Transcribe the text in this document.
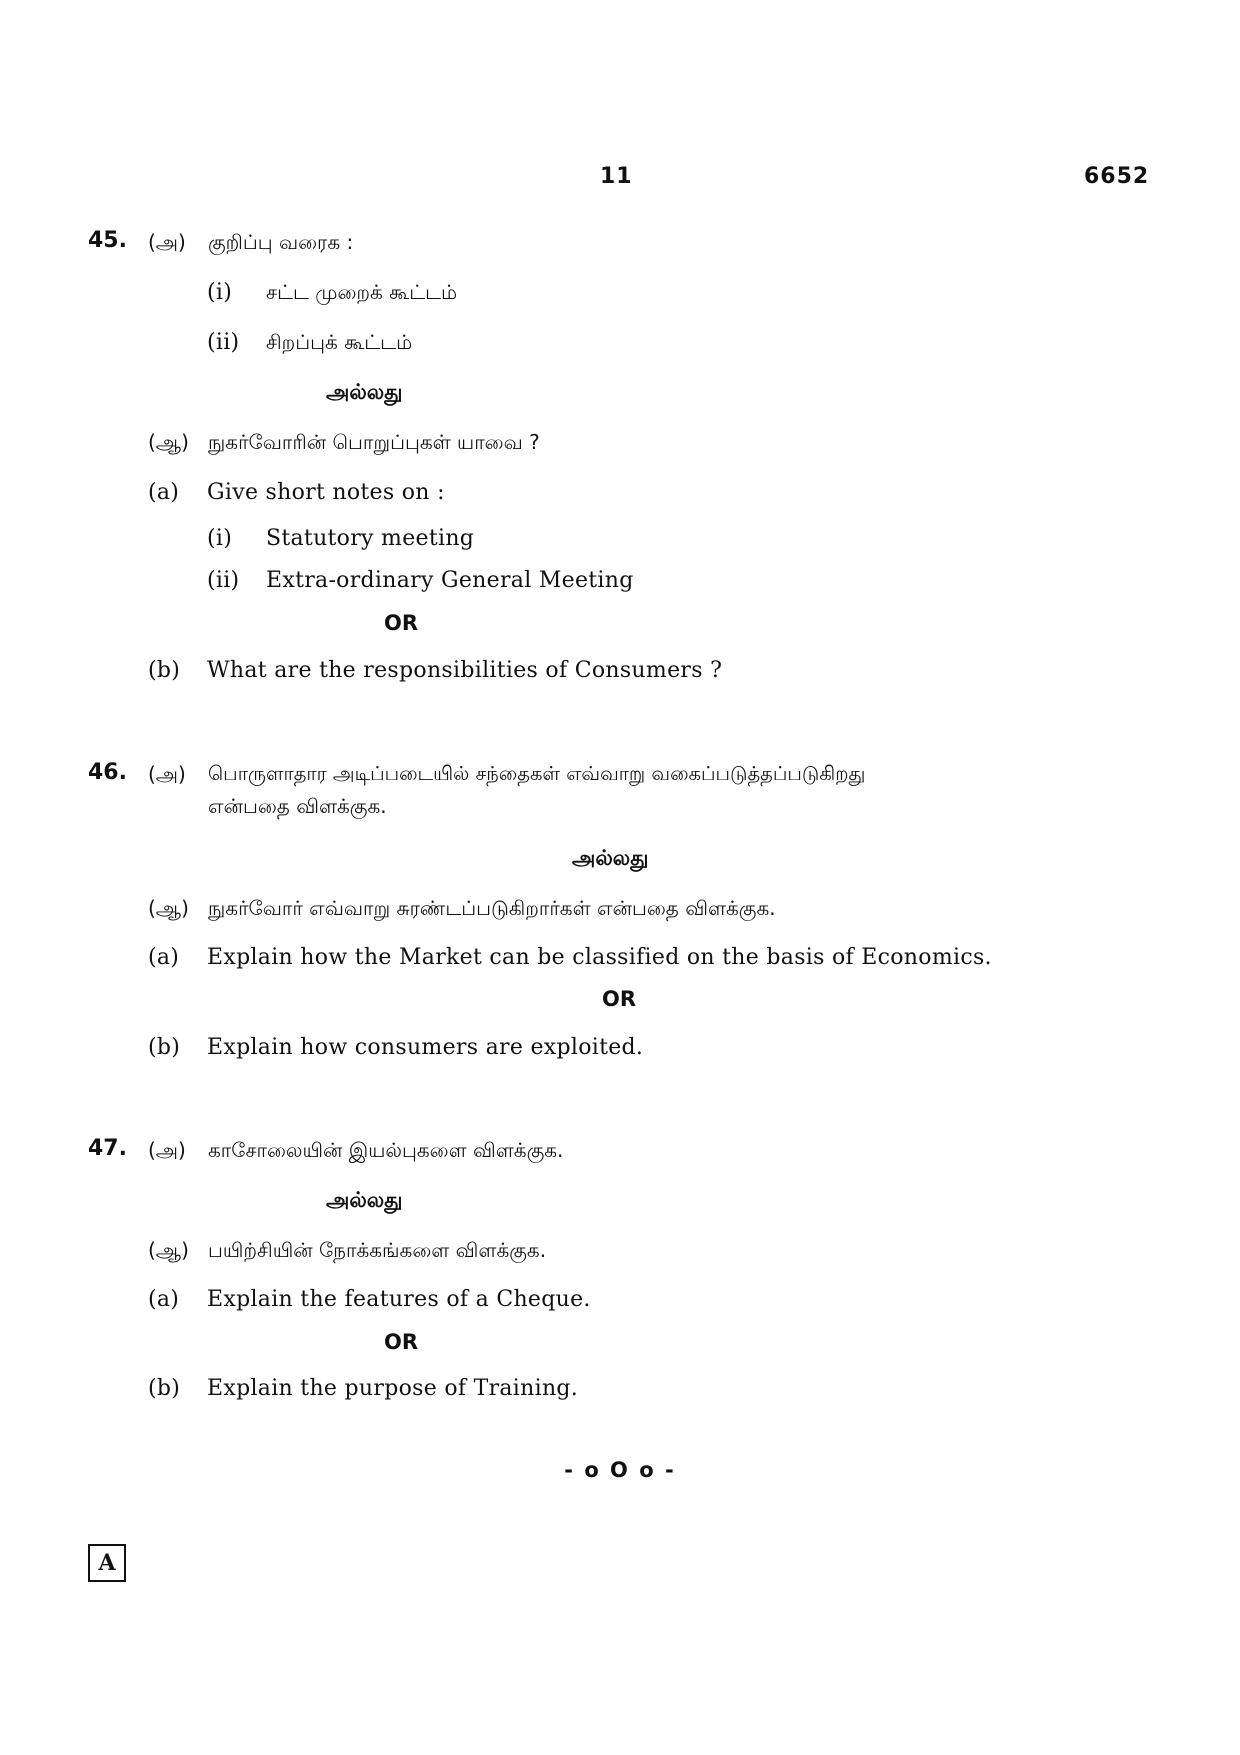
11	6652
45. (அ) குறிப்பு வரைக :
(i) சட்ட முறைக் கூட்டம்
(ii) சிறப்புக் கூட்டம்
அல்லது
(ஆ) நுகர்வோரின் பொறுப்புகள் யாவை ?
(a) Give short notes on :
(i) Statutory meeting
(ii) Extra-ordinary General Meeting
OR
(b) What are the responsibilities of Consumers ?
46. (அ) பொருளாதார அடிப்படையில் சந்தைகள் எவ்வாறு வகைப்படுத்தப்படுகிறது
என்பதை விளக்குக.
அல்லது
(ஆ) நுகர்வோர் எவ்வாறு சுரண்டப்படுகிறார்கள் என்பதை விளக்குக.
(a) Explain how the Market can be classified on the basis of Economics.
OR
(b) Explain how consumers are exploited.
47. (அ) காசோலையின் இயல்புகளை விளக்குக.
அல்லது
(ஆ) பயிற்சியின் நோக்கங்களை விளக்குக.
(a) Explain the features of a Cheque.
OR
(b) Explain the purpose of Training.
- o O o -
A
